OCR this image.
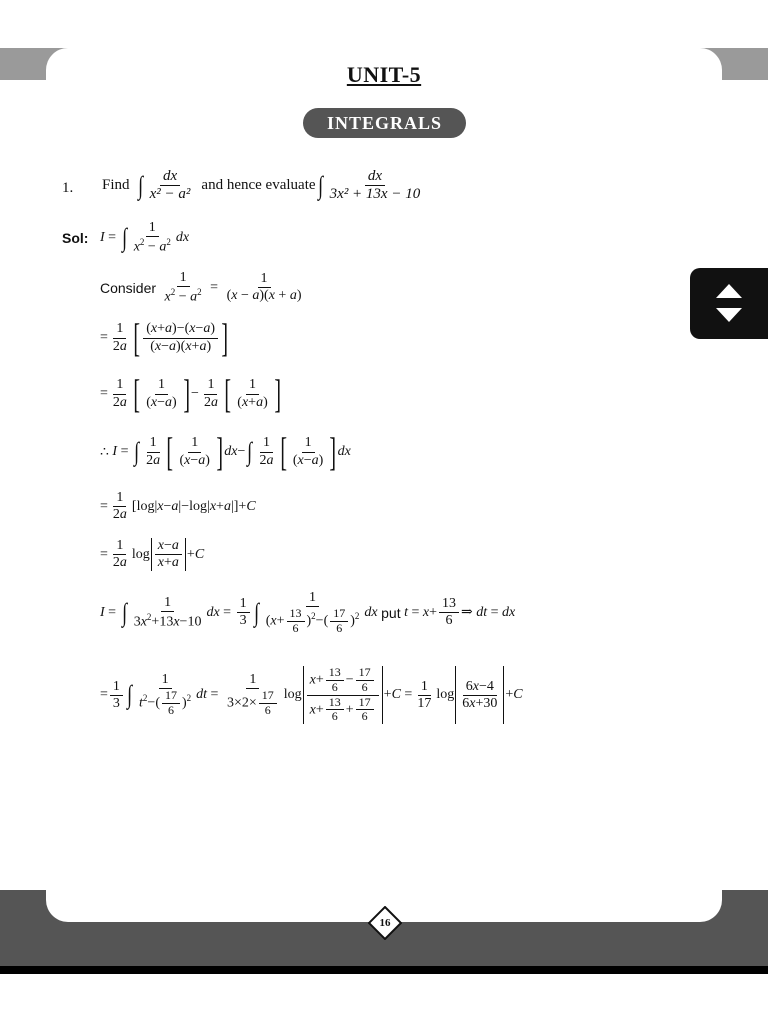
UNIT-5
INTEGRALS
1. Find ∫ $\frac{dx}{\text{x² − a²}}$ and hence evaluate ∫ $\frac{dx}{\text{3x² + 13x − 10}}$
Sol: I = ∫ $\frac{1}{x^2 - a^2}$ dx
Consider
$\frac{1}{x^2 - a^2} = \frac{1}{(x - a)(x + a)}$
= $\frac{1}{2a}$ [ $\frac{(x+a)-(x-a)}{(x-a)(x+a)}$ ]
= $\frac{1}{2a}$ [ $\frac{1}{(x-a)}$ ] − $\frac{1}{2a}$ [ $\frac{1}{(x+a)}$ ]
∴
I = ∫ $\frac{1}{2a}$ [ $\frac{1}{(x-a)}$ ] dx − ∫ $\frac{1}{2a}$ [ $\frac{1}{(x-a)}$ ] dx
= $\frac{1}{2a}$ [ log | x − a |− log | x + a |]+ C
= $\frac{1}{2a}$ $\log \frac{x-a}{x+a} + C$
I = ∫ $\frac{1}{3x^2+13x-10}$ dx = $\frac{1}{3}$ ∫ $\frac{1}{(x+ \frac{13}{6} )^2-( \frac{17}{6} )^2}$ dx
put
$t = x + \frac{13}{6}$ ⇒ dt = dx
= $\frac{1}{3}$ ∫ $\frac{1}{t^2-( \frac{17}{6} )^2}$ dt = $\frac{1}{3\times 2\times \frac{17}{6}}$ $\log \frac{x+ \frac{13}{6} - \frac{17}{6}}{x+ \frac{13}{6} + \frac{17}{6}} + C = \frac{1}{17}$ $\log \frac{6x-4}{6x+30} + C$
16
